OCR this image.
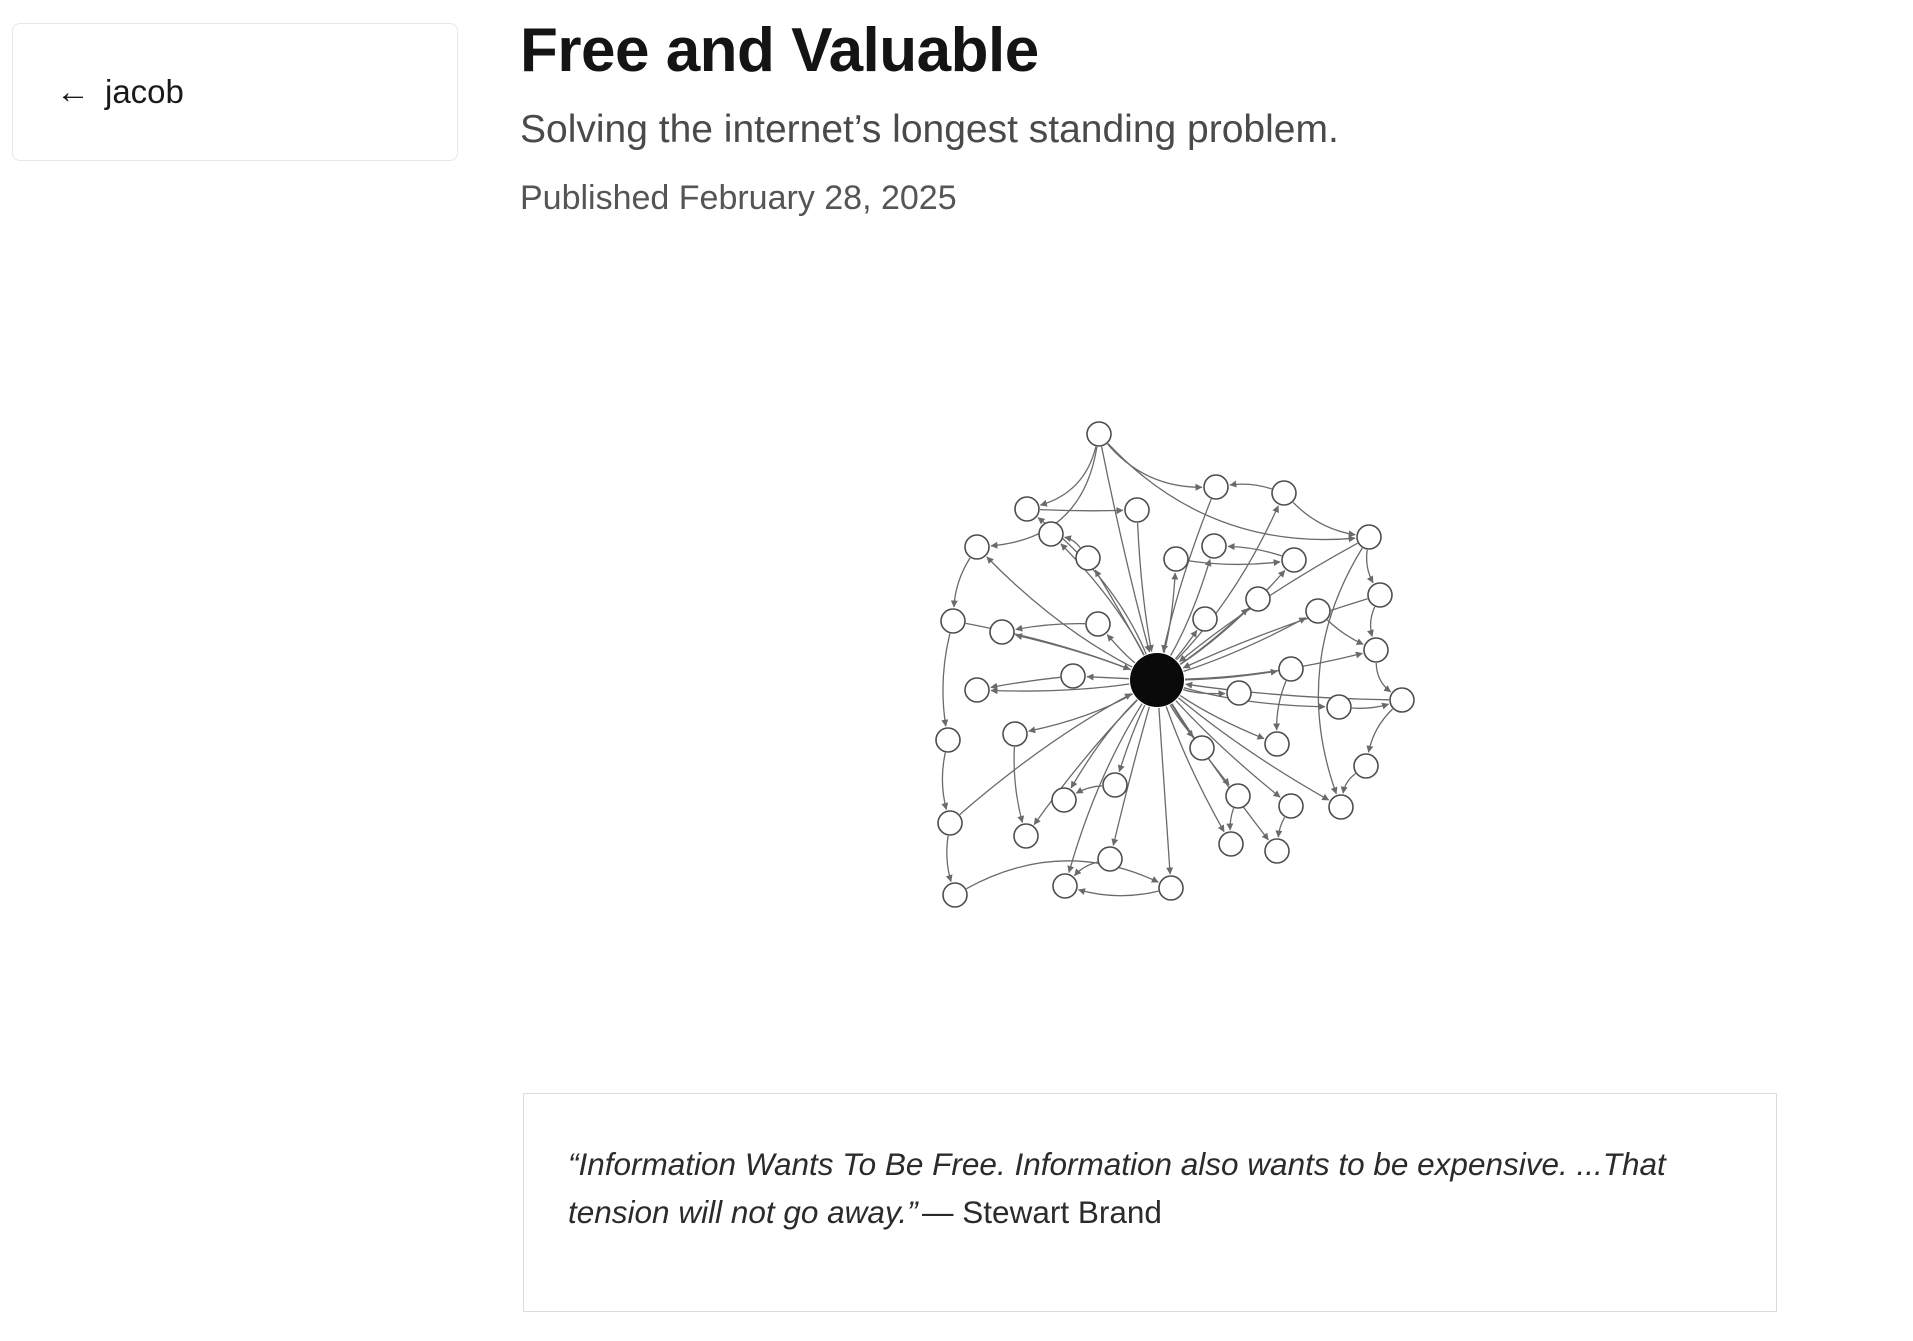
← jacob
Free and Valuable

Solving the internet’s longest standing problem.

Published February 28, 2025

“Information Wants To Be Free. Information also wants to be expensive. ...That tension will not go away.” — Stewart Brand
